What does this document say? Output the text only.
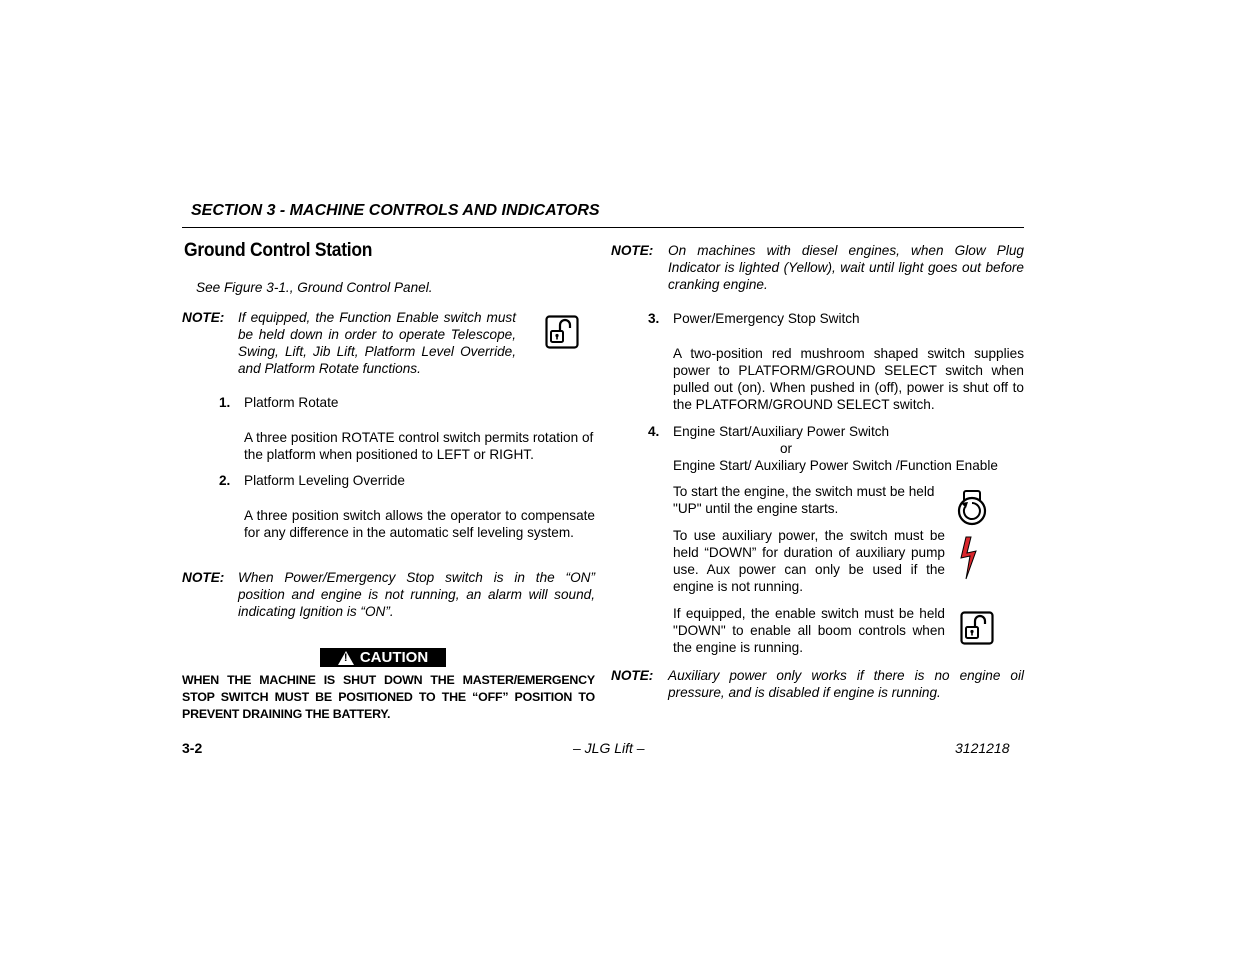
SECTION 3 - MACHINE CONTROLS AND INDICATORS
Ground Control Station
See Figure 3-1., Ground Control Panel.
NOTE: If equipped, the Function Enable switch must be held down in order to operate Telescope, Swing, Lift, Jib Lift, Platform Level Override, and Platform Rotate functions.
1. Platform Rotate
A three position ROTATE control switch permits rotation of the platform when positioned to LEFT or RIGHT.
2. Platform Leveling Override
A three position switch allows the operator to compensate for any difference in the automatic self leveling system.
NOTE: When Power/Emergency Stop switch is in the “ON” position and engine is not running, an alarm will sound, indicating Ignition is “ON”.
!
CAUTION
WHEN THE MACHINE IS SHUT DOWN THE MASTER/EMERGENCY STOP SWITCH MUST BE POSITIONED TO THE “OFF” POSITION TO PREVENT DRAINING THE BATTERY.
NOTE: On machines with diesel engines, when Glow Plug Indicator is lighted (Yellow), wait until light goes out before cranking engine.
3. Power/Emergency Stop Switch
A two-position red mushroom shaped switch supplies power to PLATFORM/GROUND SELECT switch when pulled out (on). When pushed in (off), power is shut off to the PLATFORM/GROUND SELECT switch.
4. Engine Start/Auxiliary Power Switch
or
Engine Start/ Auxiliary Power Switch /Function Enable
To start the engine, the switch must be held "UP" until the engine starts.
To use auxiliary power, the switch must be held “DOWN” for duration of auxiliary pump use. Aux power can only be used if the engine is not running.
If equipped, the enable switch must be held "DOWN" to enable all boom controls when the engine is running.
NOTE: Auxiliary power only works if there is no engine oil pressure, and is disabled if engine is running.
3-2	– JLG Lift –	3121218
